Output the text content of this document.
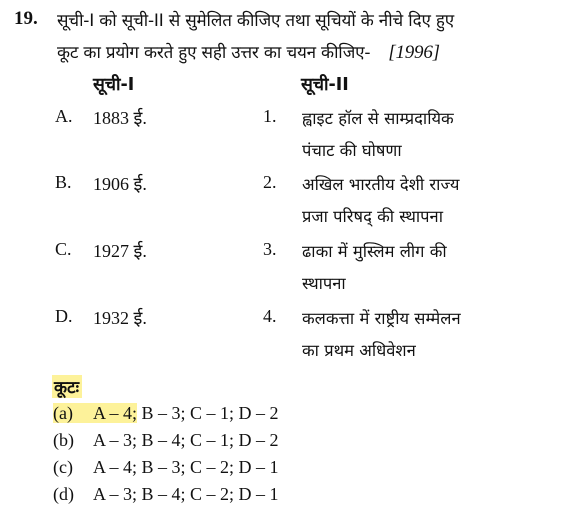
19. सूची-I को सूची-II से सुमेलित कीजिए तथा सूचियों के नीचे दिए हुए
कूट का प्रयोग करते हुए सही उत्तर का चयन कीजिए- [1996]
सूची-I	सूची-II
A. 1883 ई.	1. ह्वाइट हॉल से साम्प्रदायिक
पंचाट की घोषणा
B. 1906 ई.	2. अखिल भारतीय देशी राज्य
प्रजा परिषद् की स्थापना
C. 1927 ई.	3. ढाका में मुस्लिम लीग की
स्थापना
D. 1932 ई.	4. कलकत्ता में राष्ट्रीय सम्मेलन
का प्रथम अधिवेशन
कूटः
(a) A – 4; B – 3; C – 1; D – 2
(b) A – 3; B – 4; C – 1; D – 2
(c) A – 4; B – 3; C – 2; D – 1
(d) A – 3; B – 4; C – 2; D – 1
